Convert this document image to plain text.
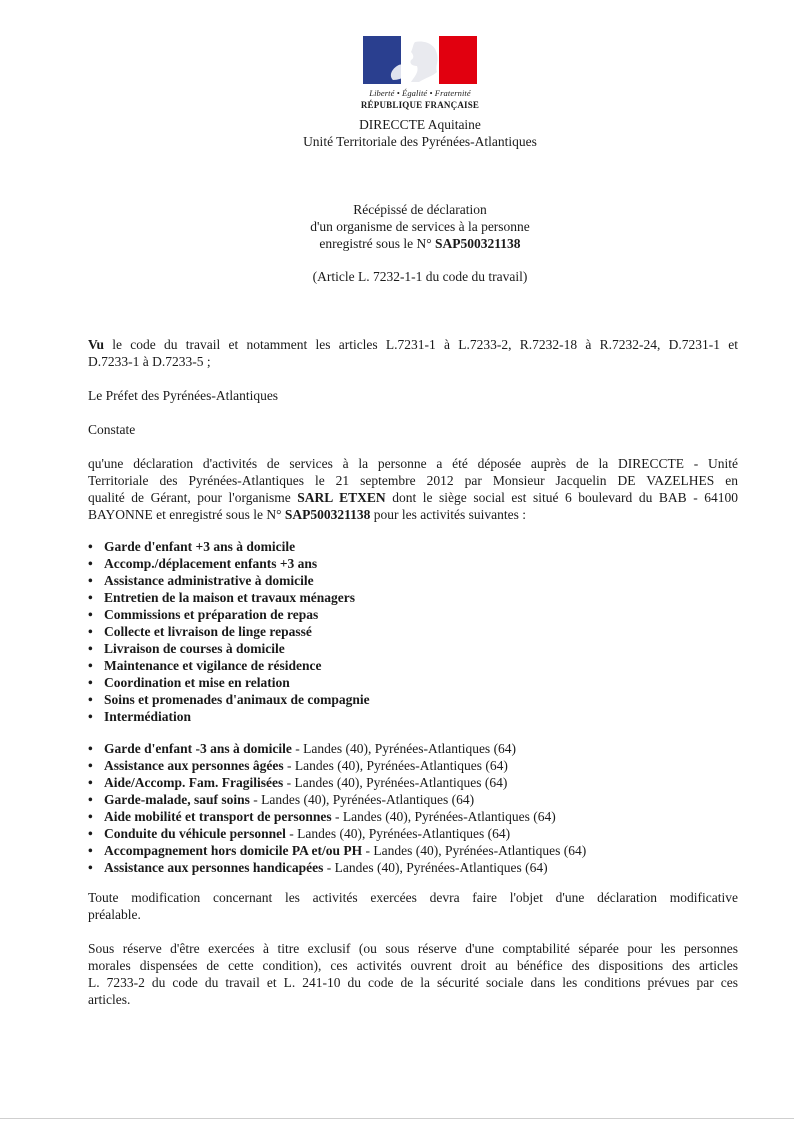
Liberté • Égalité • Fraternité
RÉPUBLIQUE FRANÇAISE
DIRECCTE Aquitaine
Unité Territoriale des Pyrénées-Atlantiques
Récépissé de déclaration
d'un organisme de services à la personne
enregistré sous le N° SAP500321138
(Article L. 7232-1-1 du code du travail)

Vu le code du travail et notamment les articles L.7231-1 à L.7233-2, R.7232-18 à R.7232-24, D.7231-1 et

D.7233-1 à D.7233-5 ;

Le Préfet des Pyrénées-Atlantiques
Constate

qu'une déclaration d'activités de services à la personne a été déposée auprès de la DIRECCTE - Unité

Territoriale des Pyrénées-Atlantiques le 21 septembre 2012 par Monsieur Jacquelin DE VAZELHES en

qualité de Gérant, pour l'organisme SARL ETXEN dont le siège social est situé 6 boulevard du BAB - 64100

BAYONNE et enregistré sous le N° SAP500321138 pour les activités suivantes :

• Garde d'enfant +3 ans à domicile
• Accomp./déplacement enfants +3 ans
• Assistance administrative à domicile
• Entretien de la maison et travaux ménagers
• Commissions et préparation de repas
• Collecte et livraison de linge repassé
• Livraison de courses à domicile
• Maintenance et vigilance de résidence
• Coordination et mise en relation
• Soins et promenades d'animaux de compagnie
• Intermédiation
• Garde d'enfant -3 ans à domicile - Landes (40), Pyrénées-Atlantiques (64)
• Assistance aux personnes âgées - Landes (40), Pyrénées-Atlantiques (64)
• Aide/Accomp. Fam. Fragilisées - Landes (40), Pyrénées-Atlantiques (64)
• Garde-malade, sauf soins - Landes (40), Pyrénées-Atlantiques (64)
• Aide mobilité et transport de personnes - Landes (40), Pyrénées-Atlantiques (64)
• Conduite du véhicule personnel - Landes (40), Pyrénées-Atlantiques (64)
• Accompagnement hors domicile PA et/ou PH - Landes (40), Pyrénées-Atlantiques (64)
• Assistance aux personnes handicapées - Landes (40), Pyrénées-Atlantiques (64)

Toute modification concernant les activités exercées devra faire l'objet d'une déclaration modificative

préalable.

Sous réserve d'être exercées à titre exclusif (ou sous réserve d'une comptabilité séparée pour les personnes

morales dispensées de cette condition), ces activités ouvrent droit au bénéfice des dispositions des articles

L. 7233-2 du code du travail et L. 241-10 du code de la sécurité sociale dans les conditions prévues par ces

articles.
